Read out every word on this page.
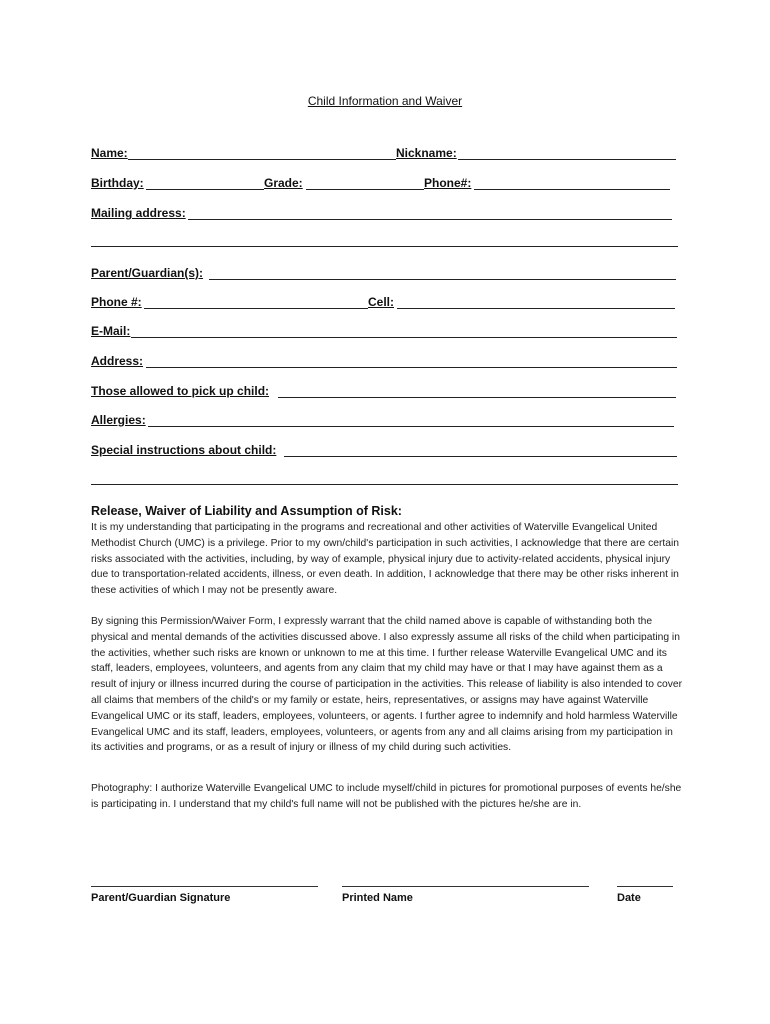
Child Information and Waiver
Name:	Nickname:
Birthday:	Grade:	Phone#:
Mailing address:
Parent/Guardian(s):
Phone #:	Cell:
E-Mail:
Address:
Those allowed to pick up child:
Allergies:
Special instructions about child:
Release, Waiver of Liability and Assumption of Risk:
It is my understanding that participating in the programs and recreational and other activities of Waterville Evangelical United Methodist Church (UMC) is a privilege. Prior to my own/child's participation in such activities, I acknowledge that there are certain risks associated with the activities, including, by way of example, physical injury due to activity-related accidents, physical injury due to transportation-related accidents, illness, or even death. In addition, I acknowledge that there may be other risks inherent in these activities of which I may not be presently aware.
By signing this Permission/Waiver Form, I expressly warrant that the child named above is capable of withstanding both the physical and mental demands of the activities discussed above. I also expressly assume all risks of the child when participating in the activities, whether such risks are known or unknown to me at this time. I further release Waterville Evangelical UMC and its staff, leaders, employees, volunteers, and agents from any claim that my child may have or that I may have against them as a result of injury or illness incurred during the course of participation in the activities. This release of liability is also intended to cover all claims that members of the child's or my family or estate, heirs, representatives, or assigns may have against Waterville Evangelical UMC or its staff, leaders, employees, volunteers, or agents. I further agree to indemnify and hold harmless Waterville Evangelical UMC and its staff, leaders, employees, volunteers, or agents from any and all claims arising from my participation in its activities and programs, or as a result of injury or illness of my child during such activities.
Photography: I authorize Waterville Evangelical UMC to include myself/child in pictures for promotional purposes of events he/she is participating in. I understand that my child's full name will not be published with the pictures he/she are in.
Parent/Guardian Signature	Printed Name	Date
